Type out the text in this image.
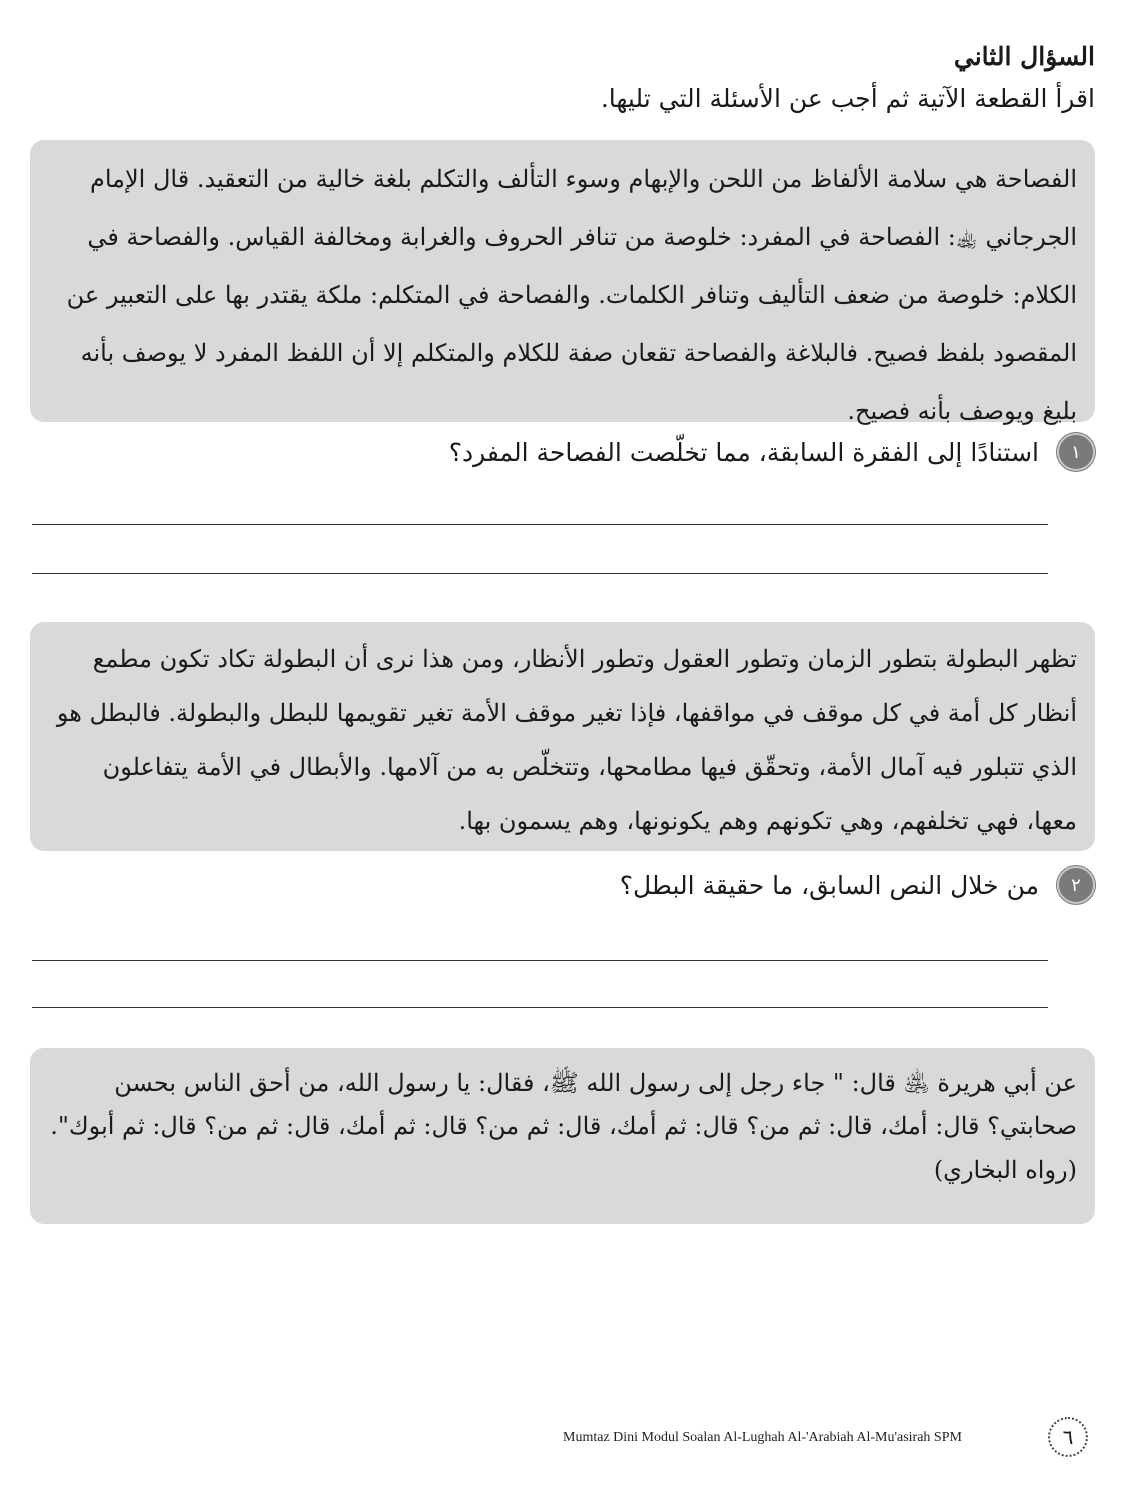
السؤال الثاني
اقرأ القطعة الآتية ثم أجب عن الأسئلة التي تليها.

الفصاحة هي سلامة الألفاظ من اللحن والإبهام وسوء التألف والتكلم بلغة خالية من التعقيد. قال الإمام الجرجاني ﵀: الفصاحة في المفرد: خلوصة من تنافر الحروف والغرابة ومخالفة القياس. والفصاحة في الكلام: خلوصة من ضعف التأليف وتنافر الكلمات. والفصاحة في المتكلم: ملكة يقتدر بها على التعبير عن المقصود بلفظ فصيح. فالبلاغة والفصاحة تقعان صفة للكلام والمتكلم إلا أن اللفظ المفرد لا يوصف بأنه بليغ ويوصف بأنه فصيح.

١
استنادًا إلى الفقرة السابقة، مما تخلّصت الفصاحة المفرد؟

تظهر البطولة بتطور الزمان وتطور العقول وتطور الأنظار، ومن هذا نرى أن البطولة تكاد تكون مطمع أنظار كل أمة في كل موقف في مواقفها، فإذا تغير موقف الأمة تغير تقويمها للبطل والبطولة. فالبطل هو الذي تتبلور فيه آمال الأمة، وتحقّق فيها مطامحها، وتتخلّص به من آلامها. والأبطال في الأمة يتفاعلون معها، فهي تخلفهم، وهي تكونهم وهم يكونونها، وهم يسمون بها.

٢
من خلال النص السابق، ما حقيقة البطل؟

عن أبي هريرة ﵁ قال: " جاء رجل إلى رسول الله ﷺ، فقال: يا رسول الله، من أحق الناس بحسن صحابتي؟ قال: أمك، قال: ثم من؟ قال: ثم أمك، قال: ثم من؟ قال: ثم أمك، قال: ثم من؟ قال: ثم أبوك".

(رواه البخاري)
Mumtaz Dini Modul Soalan Al-Lughah Al-'Arabiah Al-Mu'asirah SPM	٦
